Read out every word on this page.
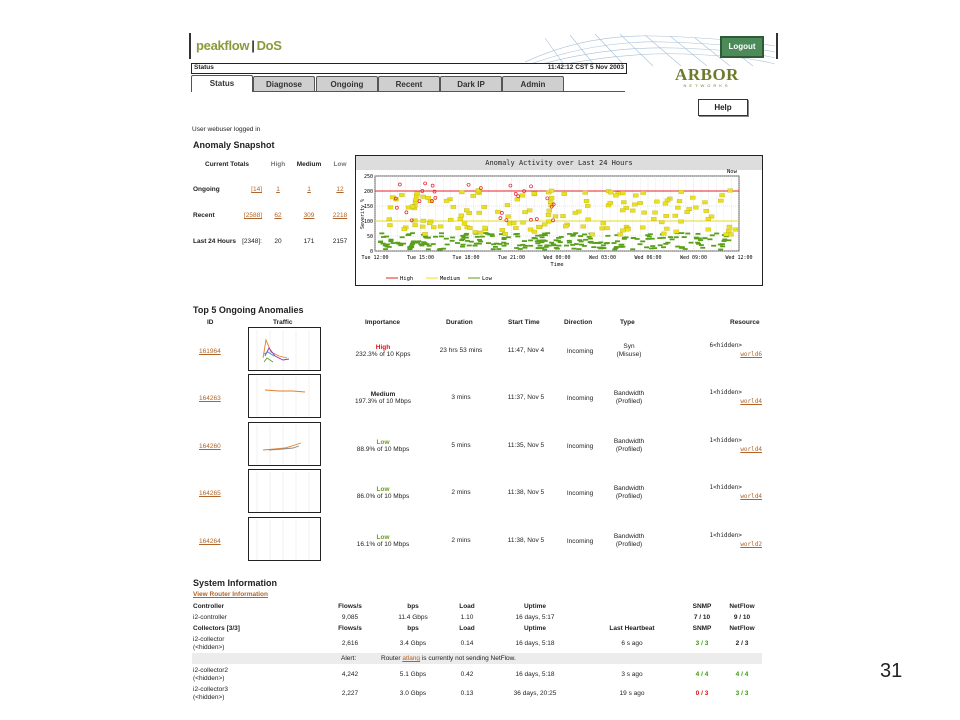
peakflow | DoS	Logout
Status	11:42:12 CST 5 Nov 2003	ARBOR
NETWORKS
Status	Diagnose	Ongoing	Recent	Dark IP	Admin
Help
User webuser logged in
Anomaly Snapshot
Current Totals	High	Medium	Low
Ongoing	[14]	1	1	12
Recent	[2588]	62	309	2218
Last 24 Hours [2348]:	20	171	2157
Anomaly Activity over Last 24 Hours
Tue 12:00	Tue 15:00	Tue 18:00	Tue 21:00	Wed 00:00	Wed 03:00	Wed 06:00	Wed 09:00	Wed 12:00
0
50
100
150
200
250
Severity %
Time
Now
High	Medium	Low
Top 5 Ongoing Anomalies
ID	Traffic	Importance	Duration	Start Time	Direction	Type	Resource
161964
High
232.3% of 10 Kpps
23 hrs 53 mins	11:47, Nov 4	Incoming
Syn
(Misuse)
6<hidden>
world6
164263
Medium
197.3% of 10 Mbps
3 mins	11:37, Nov 5	Incoming
Bandwidth
(Profiled)
1<hidden>
world4
164260
Low
88.9% of 10 Mbps
5 mins	11:35, Nov 5	Incoming
Bandwidth
(Profiled)
1<hidden>
world4
164265
Low
86.0% of 10 Mbps
2 mins	11:38, Nov 5	Incoming
Bandwidth
(Profiled)
1<hidden>
world4
164264
Low
16.1% of 10 Mbps
2 mins	11:38, Nov 5	Incoming
Bandwidth
(Profiled)
1<hidden>
world2
System Information
View Router Information
Controller	Flows/s	bps	Load	Uptime	SNMP	NetFlow
i2-controller	9,085	11.4 Gbps	1.10	16 days, 5:17	7 / 10	9 / 10
Collectors [3/3]	Flows/s	bps	Load	Uptime	Last Heartbeat	SNMP	NetFlow
i2-collector
(<hidden>)
2,616	3.4 Gbps	0.14	16 days, 5:18	6 s ago	3 / 3	2 / 3
i2-collector2
(<hidden>)
4,242	5.1 Gbps	0.42	16 days, 5:18	3 s ago	4 / 4	4 / 4
i2-collector3
(<hidden>)
2,227	3.0 Gbps	0.13	36 days, 20:25	19 s ago	0 / 3	3 / 3
Alert:	Router atlang is currently not sending NetFlow.
31
